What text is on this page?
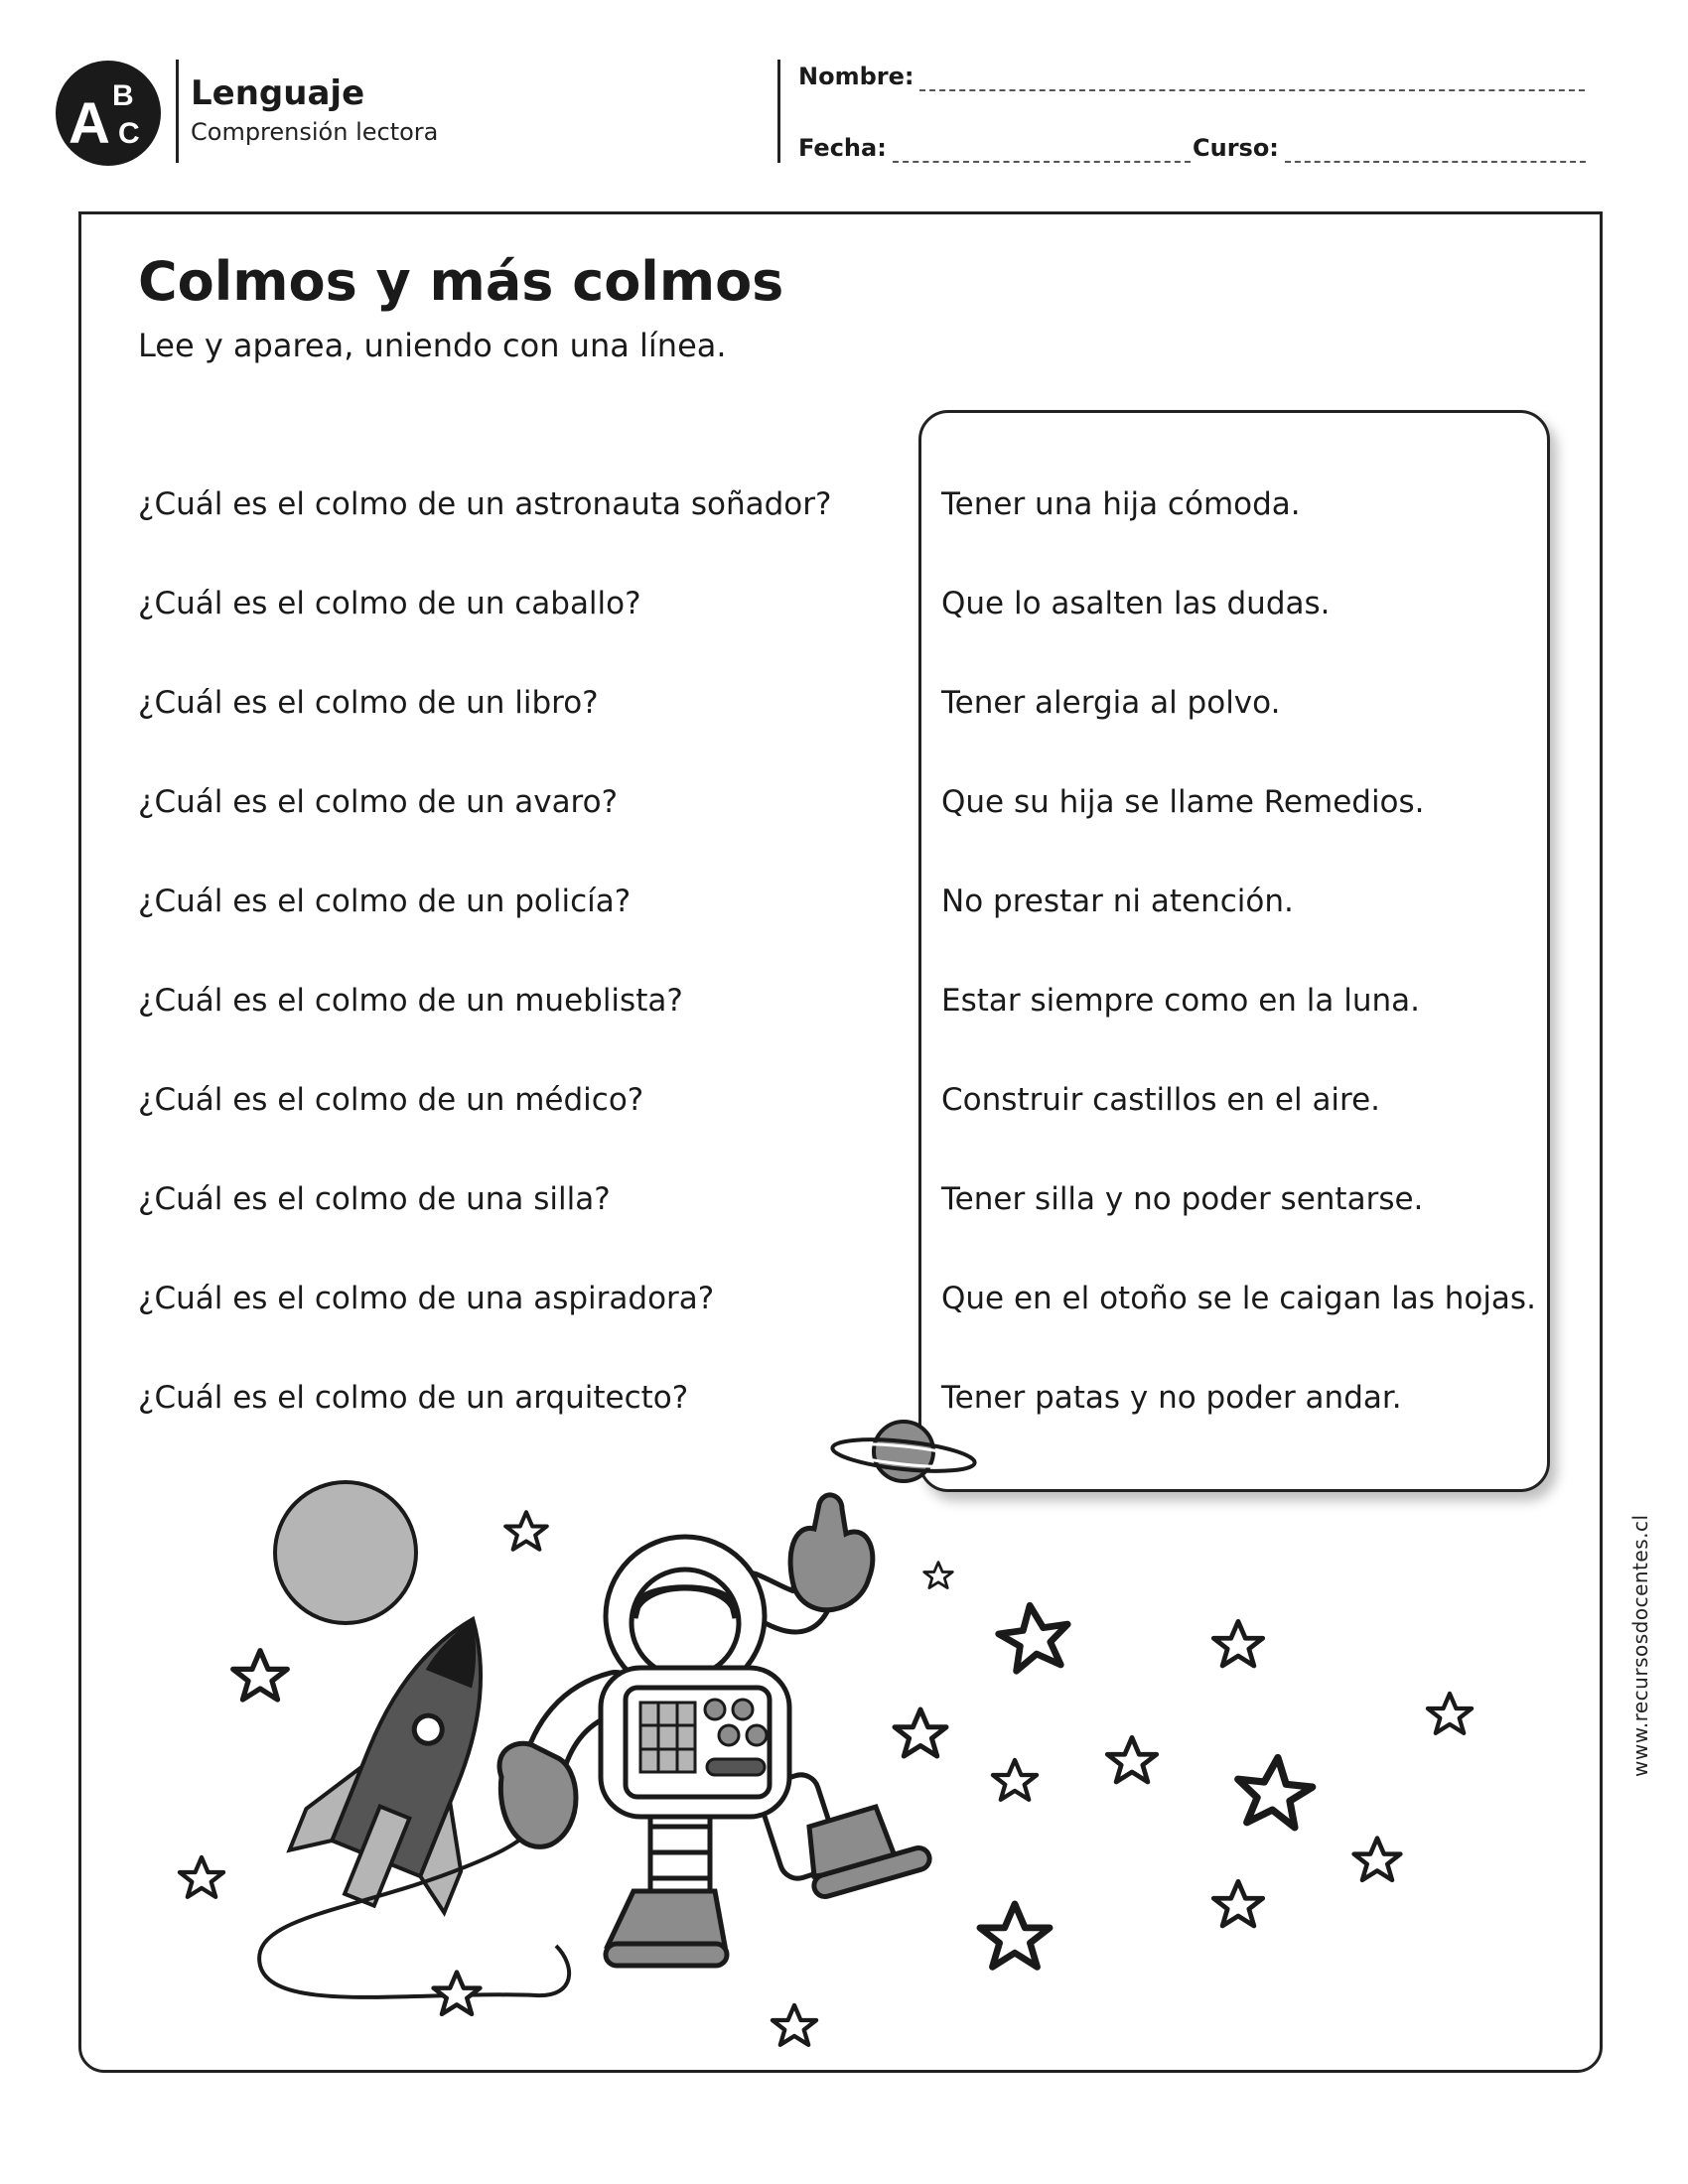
A B
C
Lenguaje
Comprensión lectora
Nombre:
Fecha:	Curso:
Colmos y más colmos
Lee y aparea, uniendo con una línea.
¿Cuál es el colmo de un astronauta soñador?
¿Cuál es el colmo de un caballo?
¿Cuál es el colmo de un libro?
¿Cuál es el colmo de un avaro?
¿Cuál es el colmo de un policía?
¿Cuál es el colmo de un mueblista?
¿Cuál es el colmo de un médico?
¿Cuál es el colmo de una silla?
¿Cuál es el colmo de una aspiradora?
¿Cuál es el colmo de un arquitecto?
Tener una hija cómoda.
Que lo asalten las dudas.
Tener alergia al polvo.
Que su hija se llame Remedios.
No prestar ni atención.
Estar siempre como en la luna.
Construir castillos en el aire.
Tener silla y no poder sentarse.
Que en el otoño se le caigan las hojas.
Tener patas y no poder andar.
www.recursosdocentes.cl
